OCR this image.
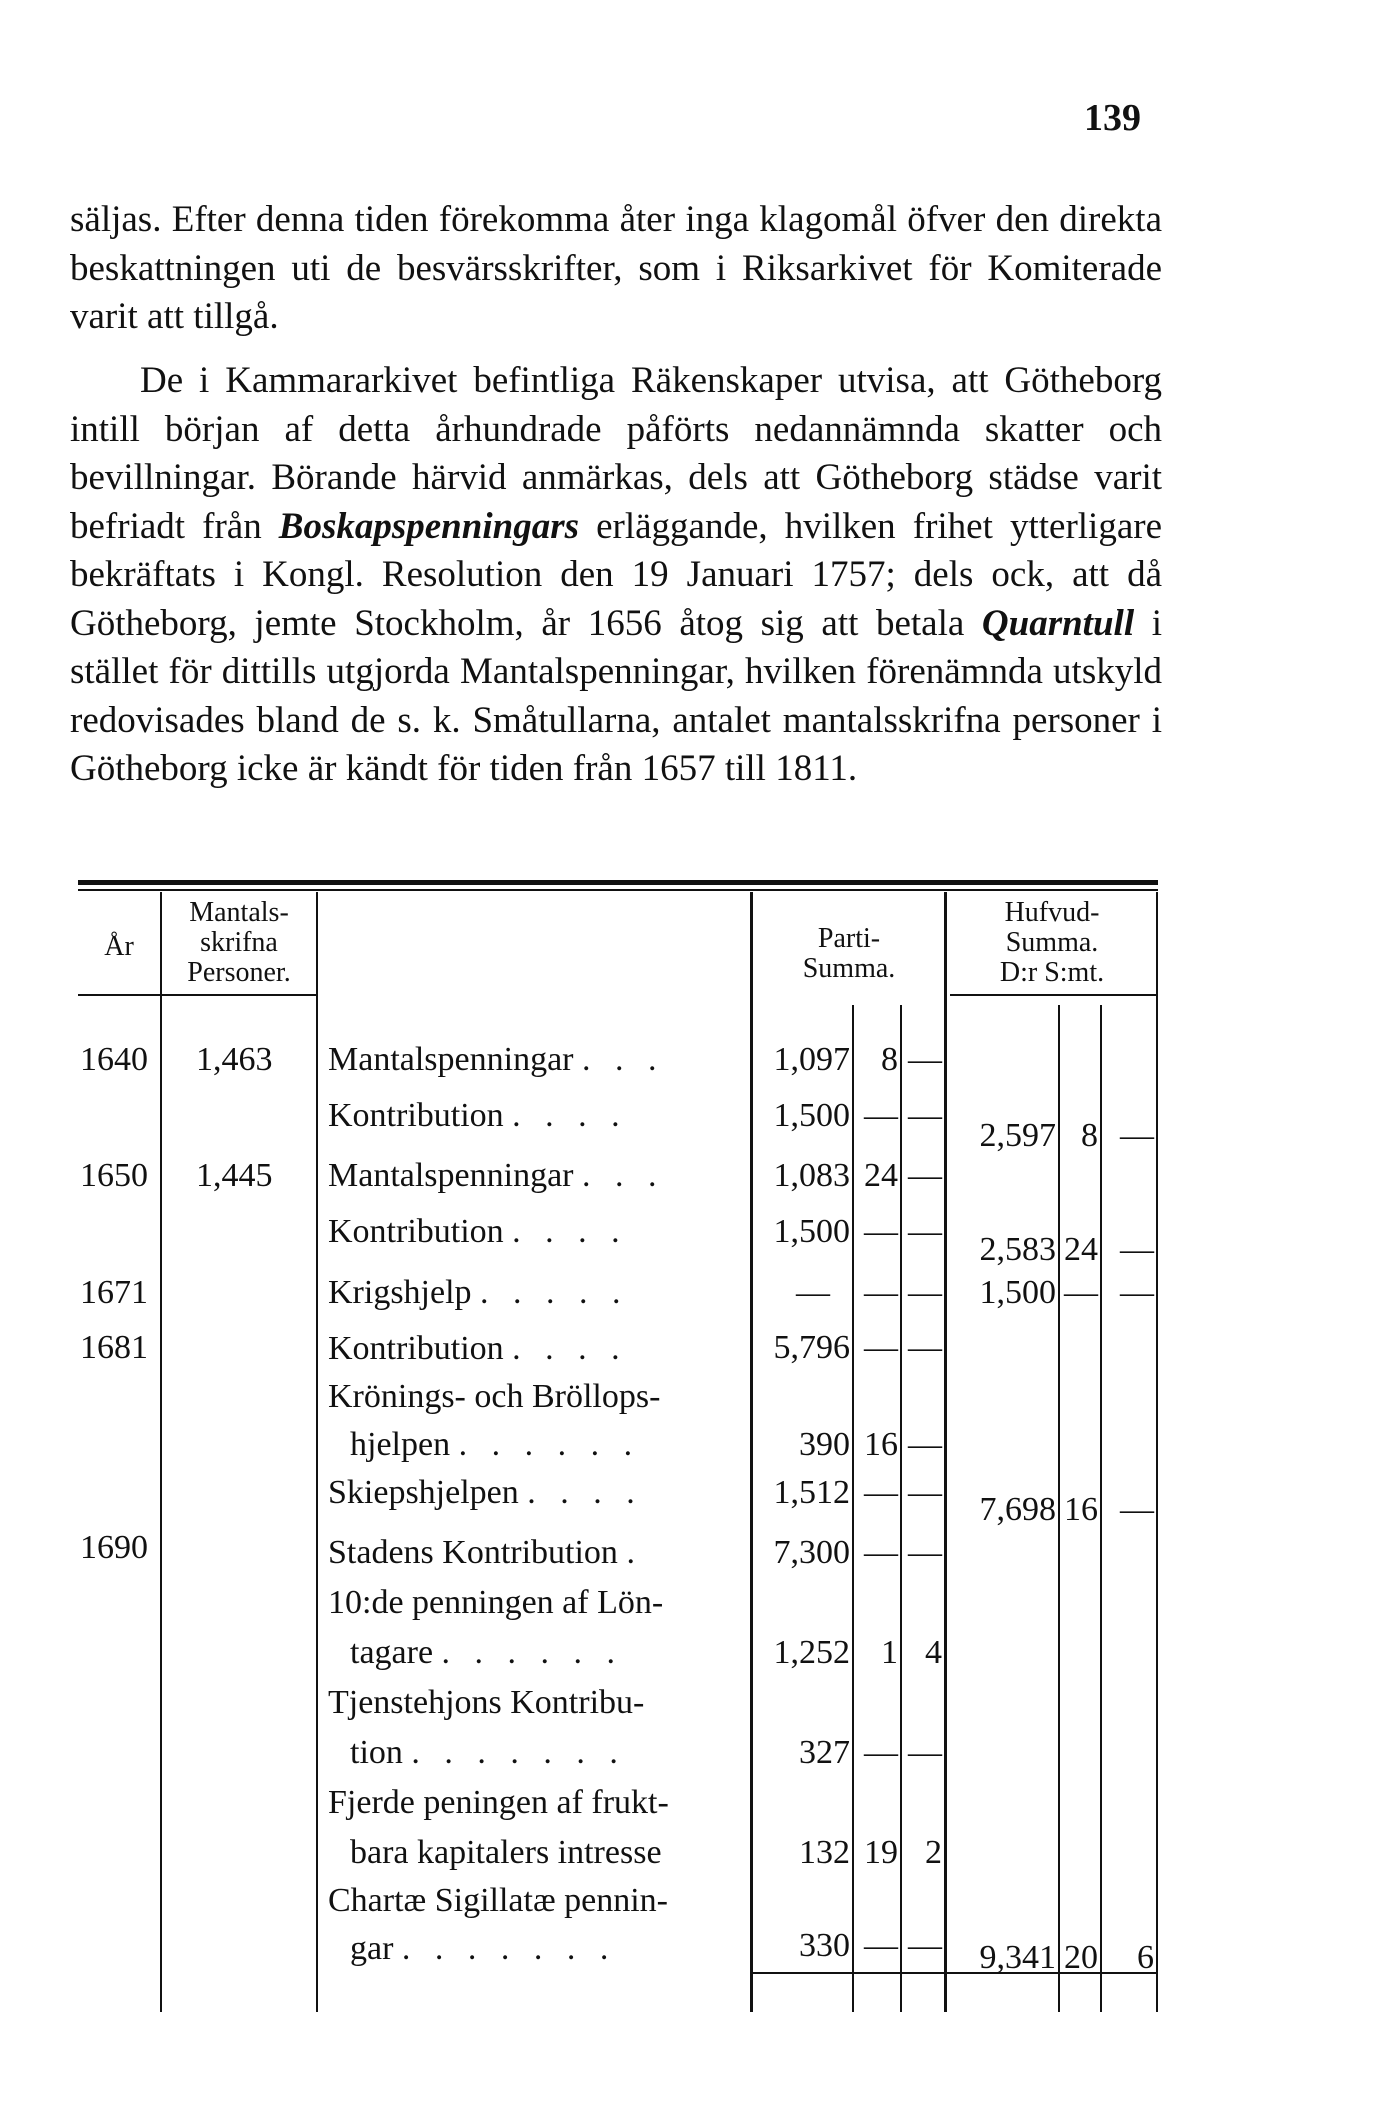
139

säljas. Efter denna tiden förekomma åter inga klagomål öfver den direkta beskattningen uti de besvärsskrifter, som i Riksarkivet för Komiterade varit att tillgå.

De i Kammararkivet befintliga Räkenskaper utvisa, att Götheborg intill början af detta århundrade påförts nedannämnda skatter och bevillningar. Börande härvid anmärkas, dels att Götheborg städse varit befriadt från Boskapspenningars erläggande, hvilken frihet ytterligare bekräftats i Kongl. Resolution den 19 Januari 1757; dels ock, att då Götheborg, jemte Stockholm, år 1656 åtog sig att betala Quarntull i stället för dittills utgjorda Mantalspenningar, hvilken förenämnda utskyld redovisades bland de s. k. Småtullarna, antalet mantalsskrifna personer i Götheborg icke är kändt för tiden från 1657 till 1811.

År
Mantals-
skrifna
Personer.
Parti-
Summa.
Hufvud-
Summa.
D:r S:mt.
1640
1650
1671
1681
1690
1,463
1,445
Mantalspenningar . . .
Kontribution . . . .
Mantalspenningar . . .
Kontribution . . . .
Krigshjelp . . . . .
Kontribution . . . .
Krönings- och Bröllops-
hjelpen . . . . . .
Skiepshjelpen . . . .
Stadens Kontribution .
10:de penningen af Lön-
tagare . . . . . .
Tjenstehjons Kontribu-
tion . . . . . . .
Fjerde peningen af frukt-
bara kapitalers intresse
Chartæ Sigillatæ pennin-
gar . . . . . . .
1,097 8 —
1,500 — —
1,083 24 —
1,500 — —
— — —
5,796 — —
390 16 —
1,512 — —
7,300 — —
1,252 1 4
327 — —
132 19 2
330 — —
2,597 8 —
2,583 24 —
1,500 — —
7,698 16 —
9,341 20	6
